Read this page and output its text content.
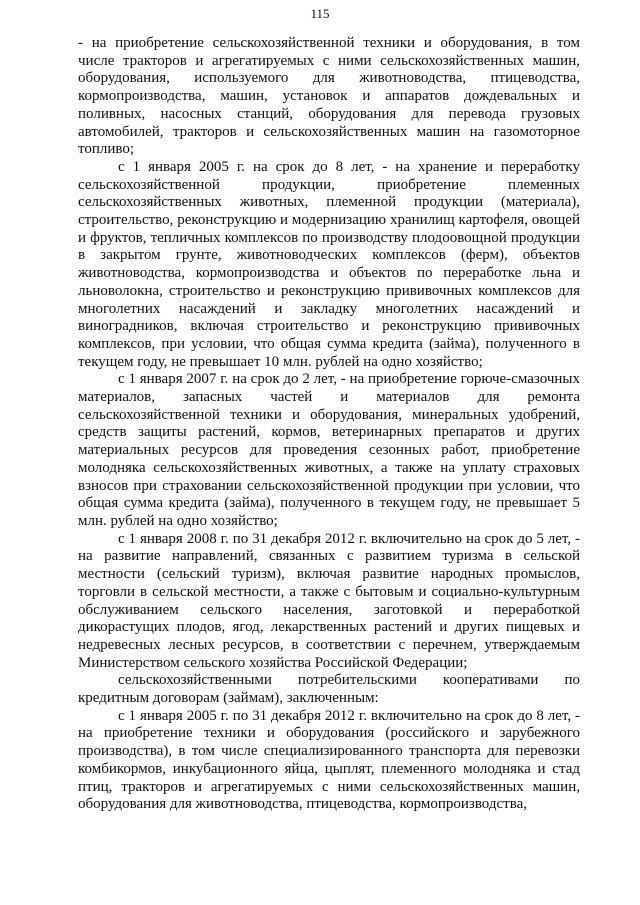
115

- на приобретение сельскохозяйственной техники и оборудования, в том числе тракторов и агрегатируемых с ними сельскохозяйственных машин, оборудования, используемого для животноводства, птицеводства, кормопроизводства, машин, установок и аппаратов дождевальных и поливных, насосных станций, оборудования для перевода грузовых автомобилей, тракторов и сельскохозяйственных машин на газомоторное топливо;

с 1 января 2005 г. на срок до 8 лет, - на хранение и переработку сельскохозяйственной продукции, приобретение племенных сельскохозяйственных животных, племенной продукции (материала), строительство, реконструкцию и модернизацию хранилищ картофеля, овощей и фруктов, тепличных комплексов по производству плодоовощной продукции в закрытом грунте, животноводческих комплексов (ферм), объектов животноводства, кормопроизводства и объектов по переработке льна и льноволокна, строительство и реконструкцию прививочных комплексов для многолетних насаждений и закладку многолетних насаждений и виноградников, включая строительство и реконструкцию прививочных комплексов, при условии, что общая сумма кредита (займа), полученного в текущем году, не превышает 10 млн. рублей на одно хозяйство;

с 1 января 2007 г. на срок до 2 лет, - на приобретение горюче-смазочных материалов, запасных частей и материалов для ремонта сельскохозяйственной техники и оборудования, минеральных удобрений, средств защиты растений, кормов, ветеринарных препаратов и других материальных ресурсов для проведения сезонных работ, приобретение молодняка сельскохозяйственных животных, а также на уплату страховых взносов при страховании сельскохозяйственной продукции при условии, что общая сумма кредита (займа), полученного в текущем году, не превышает 5 млн. рублей на одно хозяйство;

с 1 января 2008 г. по 31 декабря 2012 г. включительно на срок до 5 лет, - на развитие направлений, связанных с развитием туризма в сельской местности (сельский туризм), включая развитие народных промыслов, торговли в сельской местности, а также с бытовым и социально-культурным обслуживанием сельского населения, заготовкой и переработкой дикорастущих плодов, ягод, лекарственных растений и других пищевых и недревесных лесных ресурсов, в соответствии с перечнем, утверждаемым Министерством сельского хозяйства Российской Федерации;

сельскохозяйственными потребительскими кооперативами по кредитным договорам (займам), заключенным:

с 1 января 2005 г. по 31 декабря 2012 г. включительно на срок до 8 лет, - на приобретение техники и оборудования (российского и зарубежного производства), в том числе специализированного транспорта для перевозки комбикормов, инкубационного яйца, цыплят, племенного молодняка и стад птиц, тракторов и агрегатируемых с ними сельскохозяйственных машин, оборудования для животноводства, птицеводства, кормопроизводства,
